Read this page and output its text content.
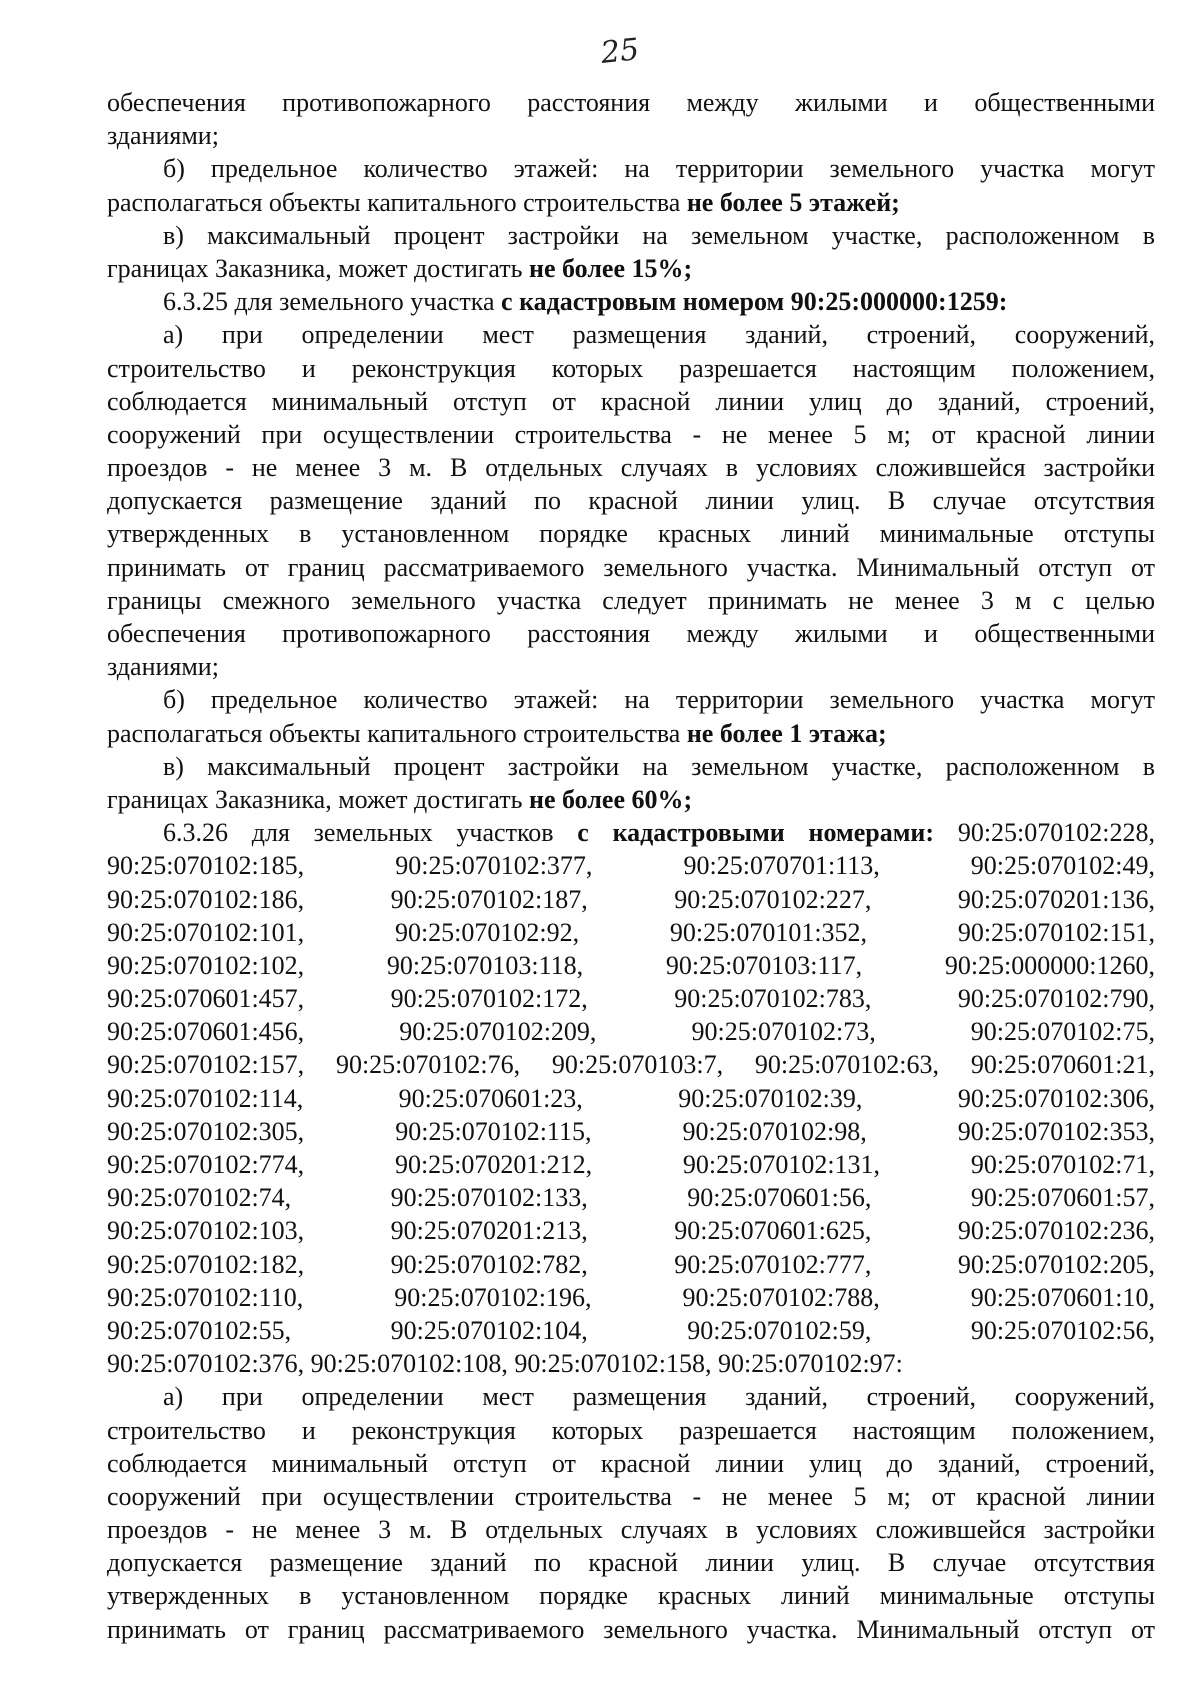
25
обеспечения противопожарного расстояния между жилыми и общественными
зданиями;
б) предельное количество этажей: на территории земельного участка могут
располагаться объекты капитального строительства не более 5 этажей;
в) максимальный процент застройки на земельном участке, расположенном в
границах Заказника, может достигать не более 15%;
6.3.25 для земельного участка с кадастровым номером 90:25:000000:1259:
а) при определении мест размещения зданий, строений, сооружений,
строительство и реконструкция которых разрешается настоящим положением,
соблюдается минимальный отступ от красной линии улиц до зданий, строений,
сооружений при осуществлении строительства - не менее 5 м; от красной линии
проездов - не менее 3 м. В отдельных случаях в условиях сложившейся застройки
допускается размещение зданий по красной линии улиц. В случае отсутствия
утвержденных в установленном порядке красных линий минимальные отступы
принимать от границ рассматриваемого земельного участка. Минимальный отступ от
границы смежного земельного участка следует принимать не менее 3 м с целью
обеспечения противопожарного расстояния между жилыми и общественными
зданиями;
б) предельное количество этажей: на территории земельного участка могут
располагаться объекты капитального строительства не более 1 этажа;
в) максимальный процент застройки на земельном участке, расположенном в
границах Заказника, может достигать не более 60%;
6.3.26 для земельных участков с кадастровыми номерами: 90:25:070102:228,
90:25:070102:185,	90:25:070102:377,	90:25:070701:113,	90:25:070102:49,
90:25:070102:186,	90:25:070102:187,	90:25:070102:227,	90:25:070201:136,
90:25:070102:101,	90:25:070102:92,	90:25:070101:352,	90:25:070102:151,
90:25:070102:102,	90:25:070103:118,	90:25:070103:117,	90:25:000000:1260,
90:25:070601:457,	90:25:070102:172,	90:25:070102:783,	90:25:070102:790,
90:25:070601:456,	90:25:070102:209,	90:25:070102:73,	90:25:070102:75,
90:25:070102:157, 90:25:070102:76, 90:25:070103:7, 90:25:070102:63, 90:25:070601:21,
90:25:070102:114,	90:25:070601:23,	90:25:070102:39,	90:25:070102:306,
90:25:070102:305,	90:25:070102:115,	90:25:070102:98,	90:25:070102:353,
90:25:070102:774,	90:25:070201:212,	90:25:070102:131,	90:25:070102:71,
90:25:070102:74,	90:25:070102:133,	90:25:070601:56,	90:25:070601:57,
90:25:070102:103,	90:25:070201:213,	90:25:070601:625,	90:25:070102:236,
90:25:070102:182,	90:25:070102:782,	90:25:070102:777,	90:25:070102:205,
90:25:070102:110,	90:25:070102:196,	90:25:070102:788,	90:25:070601:10,
90:25:070102:55,	90:25:070102:104,	90:25:070102:59,	90:25:070102:56,
90:25:070102:376, 90:25:070102:108, 90:25:070102:158, 90:25:070102:97:
а) при определении мест размещения зданий, строений, сооружений,
строительство и реконструкция которых разрешается настоящим положением,
соблюдается минимальный отступ от красной линии улиц до зданий, строений,
сооружений при осуществлении строительства - не менее 5 м; от красной линии
проездов - не менее 3 м. В отдельных случаях в условиях сложившейся застройки
допускается размещение зданий по красной линии улиц. В случае отсутствия
утвержденных в установленном порядке красных линий минимальные отступы
принимать от границ рассматриваемого земельного участка. Минимальный отступ от
